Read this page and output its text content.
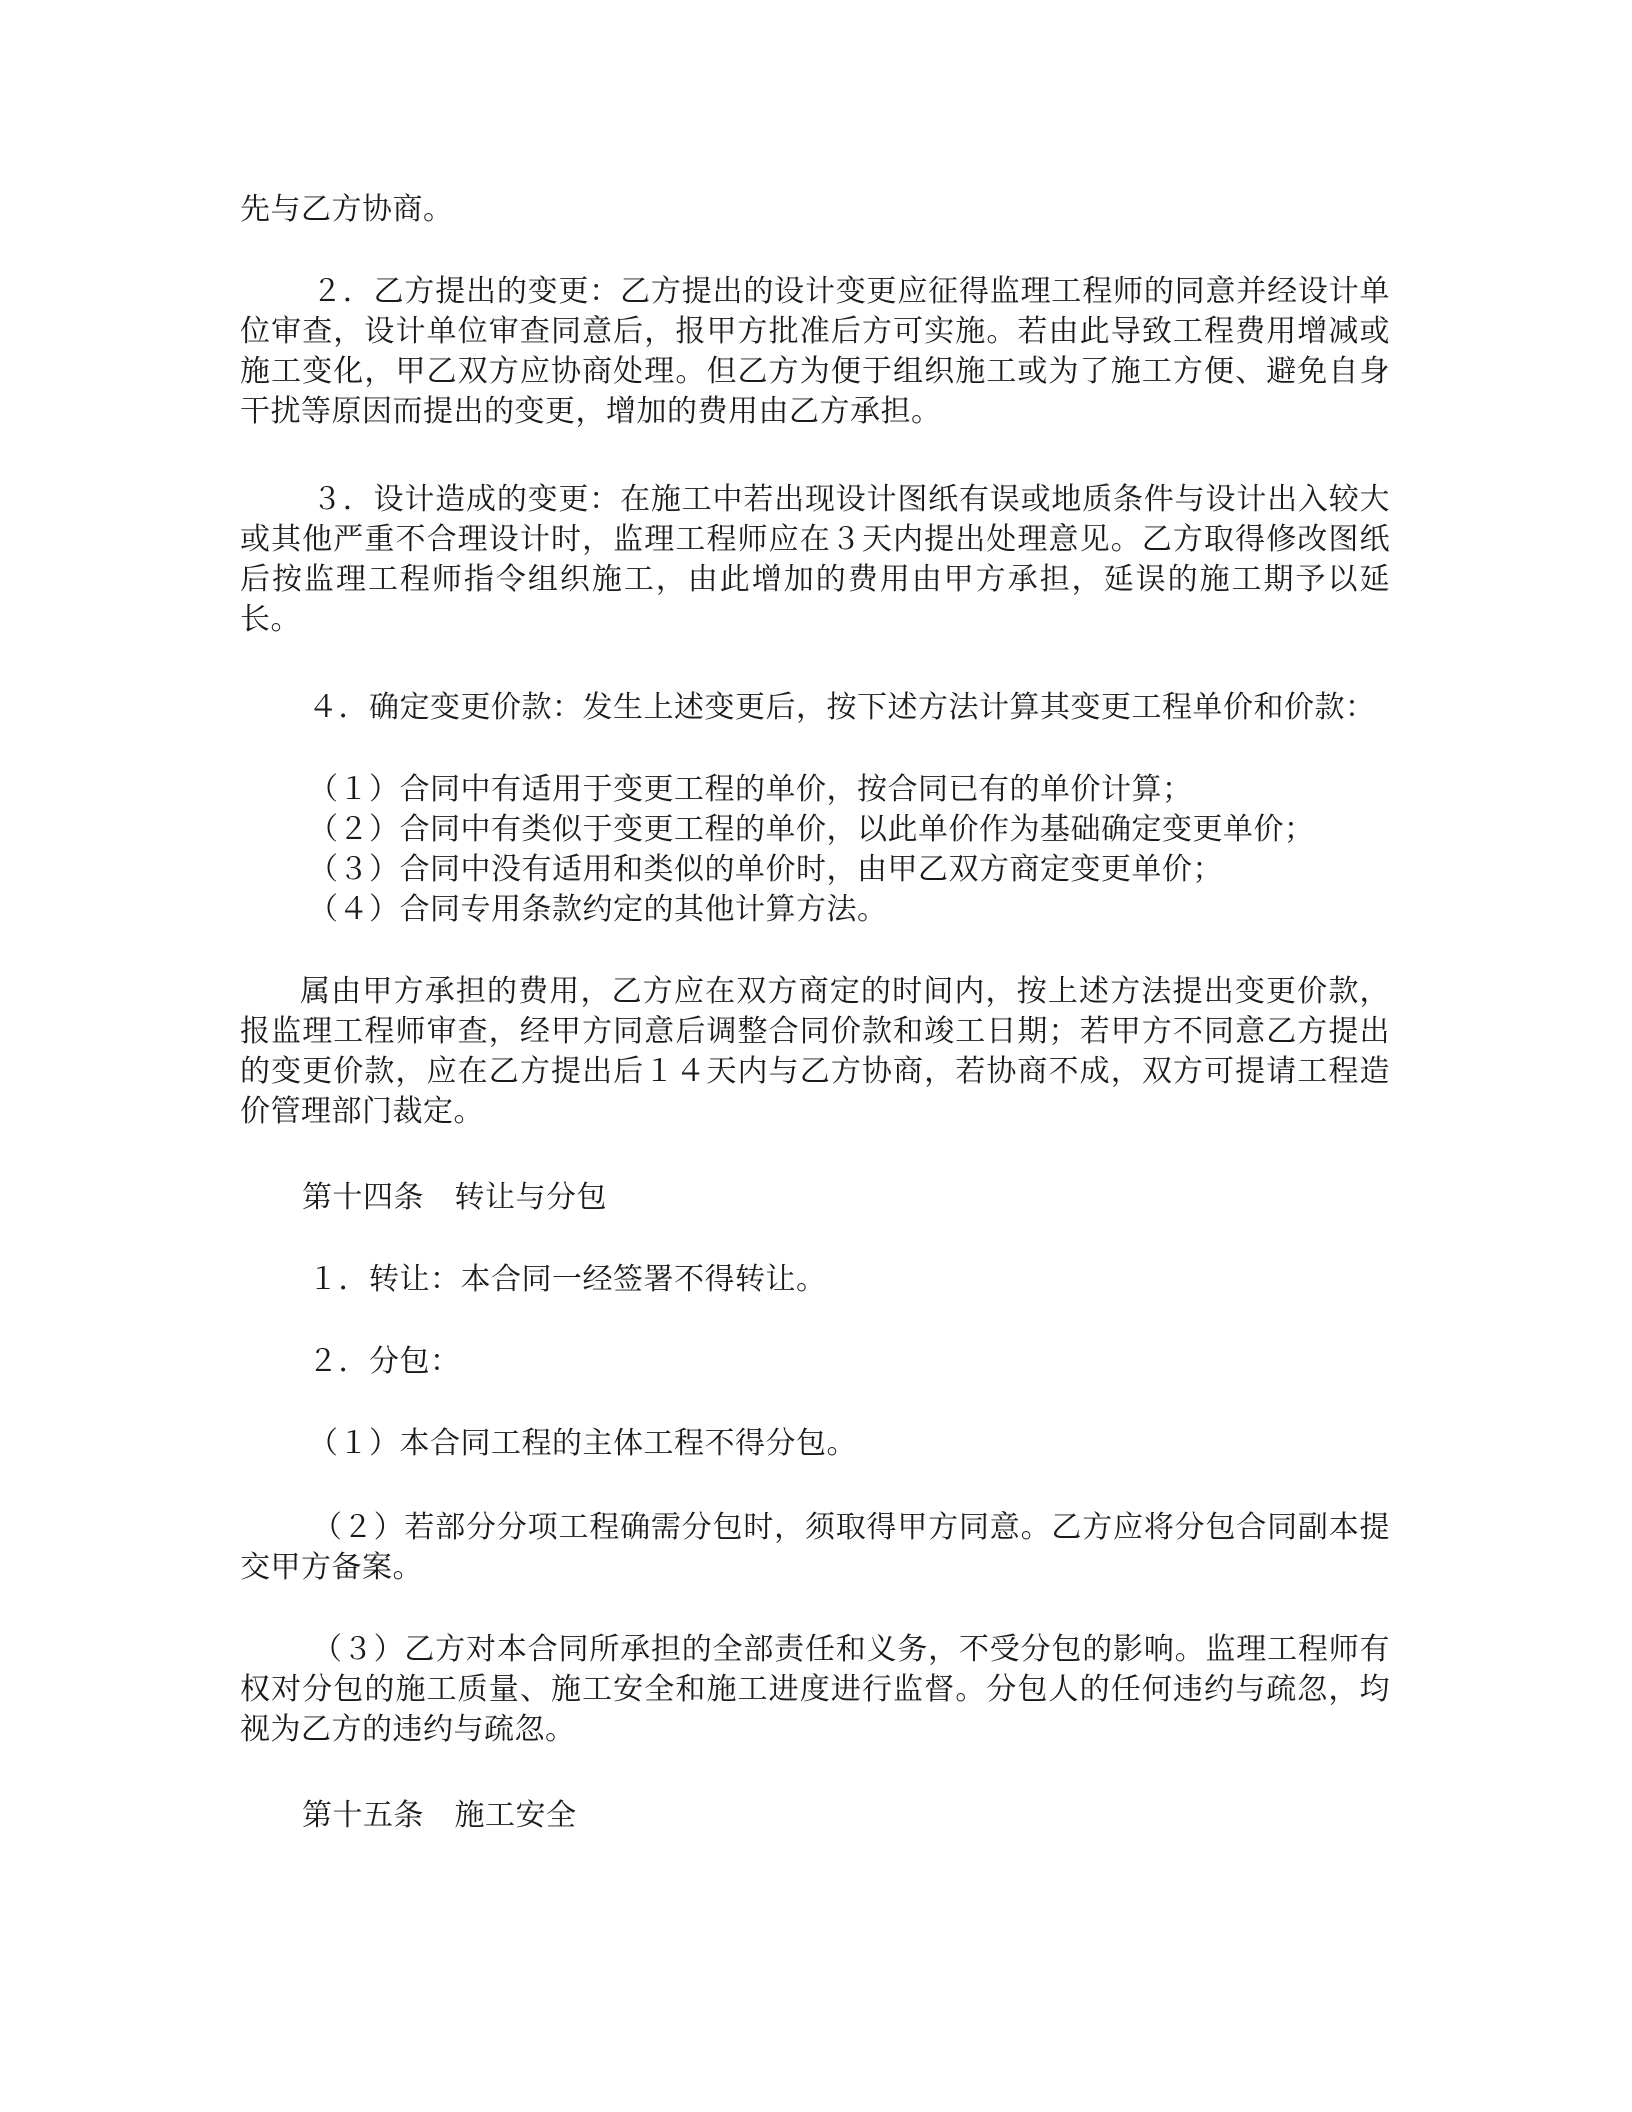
先与乙方协商。
２．乙方提出的变更：乙方提出的设计变更应征得监理工程师的同意并经设计单位审查，设计单位审查同意后，报甲方批准后方可实施。若由此导致工程费用增减或施工变化，甲乙双方应协商处理。但乙方为便于组织施工或为了施工方便、避免自身干扰等原因而提出的变更，增加的费用由乙方承担。
３．设计造成的变更：在施工中若出现设计图纸有误或地质条件与设计出入较大或其他严重不合理设计时，监理工程师应在３天内提出处理意见。乙方取得修改图纸后按监理工程师指令组织施工，由此增加的费用由甲方承担，延误的施工期予以延长。
４．确定变更价款：发生上述变更后，按下述方法计算其变更工程单价和价款：
（１）合同中有适用于变更工程的单价，按合同已有的单价计算；
（２）合同中有类似于变更工程的单价，以此单价作为基础确定变更单价；
（３）合同中没有适用和类似的单价时，由甲乙双方商定变更单价；
（４）合同专用条款约定的其他计算方法。
属由甲方承担的费用，乙方应在双方商定的时间内，按上述方法提出变更价款，报监理工程师审查，经甲方同意后调整合同价款和竣工日期；若甲方不同意乙方提出的变更价款，应在乙方提出后１４天内与乙方协商，若协商不成，双方可提请工程造价管理部门裁定。
第十四条　转让与分包
１．转让：本合同一经签署不得转让。
２．分包：
（１）本合同工程的主体工程不得分包。
（２）若部分分项工程确需分包时，须取得甲方同意。乙方应将分包合同副本提交甲方备案。
（３）乙方对本合同所承担的全部责任和义务，不受分包的影响。监理工程师有权对分包的施工质量、施工安全和施工进度进行监督。分包人的任何违约与疏忽，均视为乙方的违约与疏忽。
第十五条　施工安全
